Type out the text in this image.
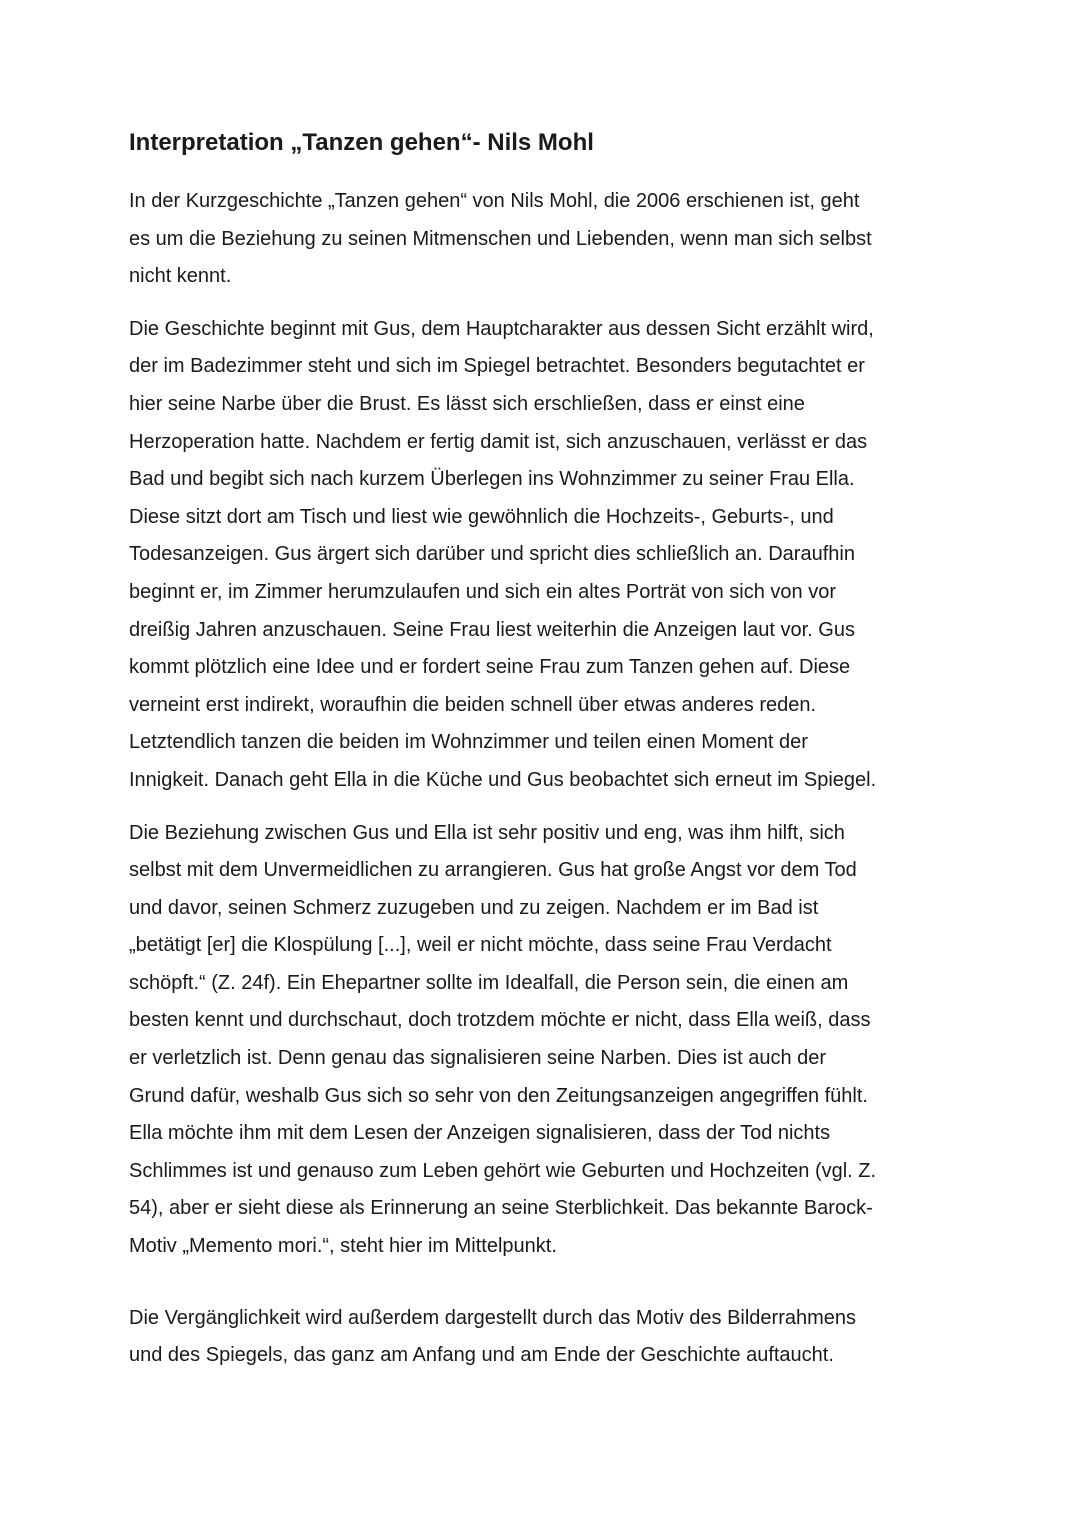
Interpretation „Tanzen gehen“- Nils Mohl

In der Kurzgeschichte „Tanzen gehen“ von Nils Mohl, die 2006 erschienen ist, geht
es um die Beziehung zu seinen Mitmenschen und Liebenden, wenn man sich selbst
nicht kennt.

Die Geschichte beginnt mit Gus, dem Hauptcharakter aus dessen Sicht erzählt wird,
der im Badezimmer steht und sich im Spiegel betrachtet. Besonders begutachtet er
hier seine Narbe über die Brust. Es lässt sich erschließen, dass er einst eine
Herzoperation hatte. Nachdem er fertig damit ist, sich anzuschauen, verlässt er das
Bad und begibt sich nach kurzem Überlegen ins Wohnzimmer zu seiner Frau Ella.
Diese sitzt dort am Tisch und liest wie gewöhnlich die Hochzeits-, Geburts-, und
Todesanzeigen. Gus ärgert sich darüber und spricht dies schließlich an. Daraufhin
beginnt er, im Zimmer herumzulaufen und sich ein altes Porträt von sich von vor
dreißig Jahren anzuschauen. Seine Frau liest weiterhin die Anzeigen laut vor. Gus
kommt plötzlich eine Idee und er fordert seine Frau zum Tanzen gehen auf. Diese
verneint erst indirekt, woraufhin die beiden schnell über etwas anderes reden.
Letztendlich tanzen die beiden im Wohnzimmer und teilen einen Moment der
Innigkeit. Danach geht Ella in die Küche und Gus beobachtet sich erneut im Spiegel.

Die Beziehung zwischen Gus und Ella ist sehr positiv und eng, was ihm hilft, sich
selbst mit dem Unvermeidlichen zu arrangieren. Gus hat große Angst vor dem Tod
und davor, seinen Schmerz zuzugeben und zu zeigen. Nachdem er im Bad ist
„betätigt [er] die Klospülung [...], weil er nicht möchte, dass seine Frau Verdacht
schöpft.“ (Z. 24f). Ein Ehepartner sollte im Idealfall, die Person sein, die einen am
besten kennt und durchschaut, doch trotzdem möchte er nicht, dass Ella weiß, dass
er verletzlich ist. Denn genau das signalisieren seine Narben. Dies ist auch der
Grund dafür, weshalb Gus sich so sehr von den Zeitungsanzeigen angegriffen fühlt.
Ella möchte ihm mit dem Lesen der Anzeigen signalisieren, dass der Tod nichts
Schlimmes ist und genauso zum Leben gehört wie Geburten und Hochzeiten (vgl. Z.
54), aber er sieht diese als Erinnerung an seine Sterblichkeit. Das bekannte Barock-
Motiv „Memento mori.“, steht hier im Mittelpunkt.

Die Vergänglichkeit wird außerdem dargestellt durch das Motiv des Bilderrahmens
und des Spiegels, das ganz am Anfang und am Ende der Geschichte auftaucht.
